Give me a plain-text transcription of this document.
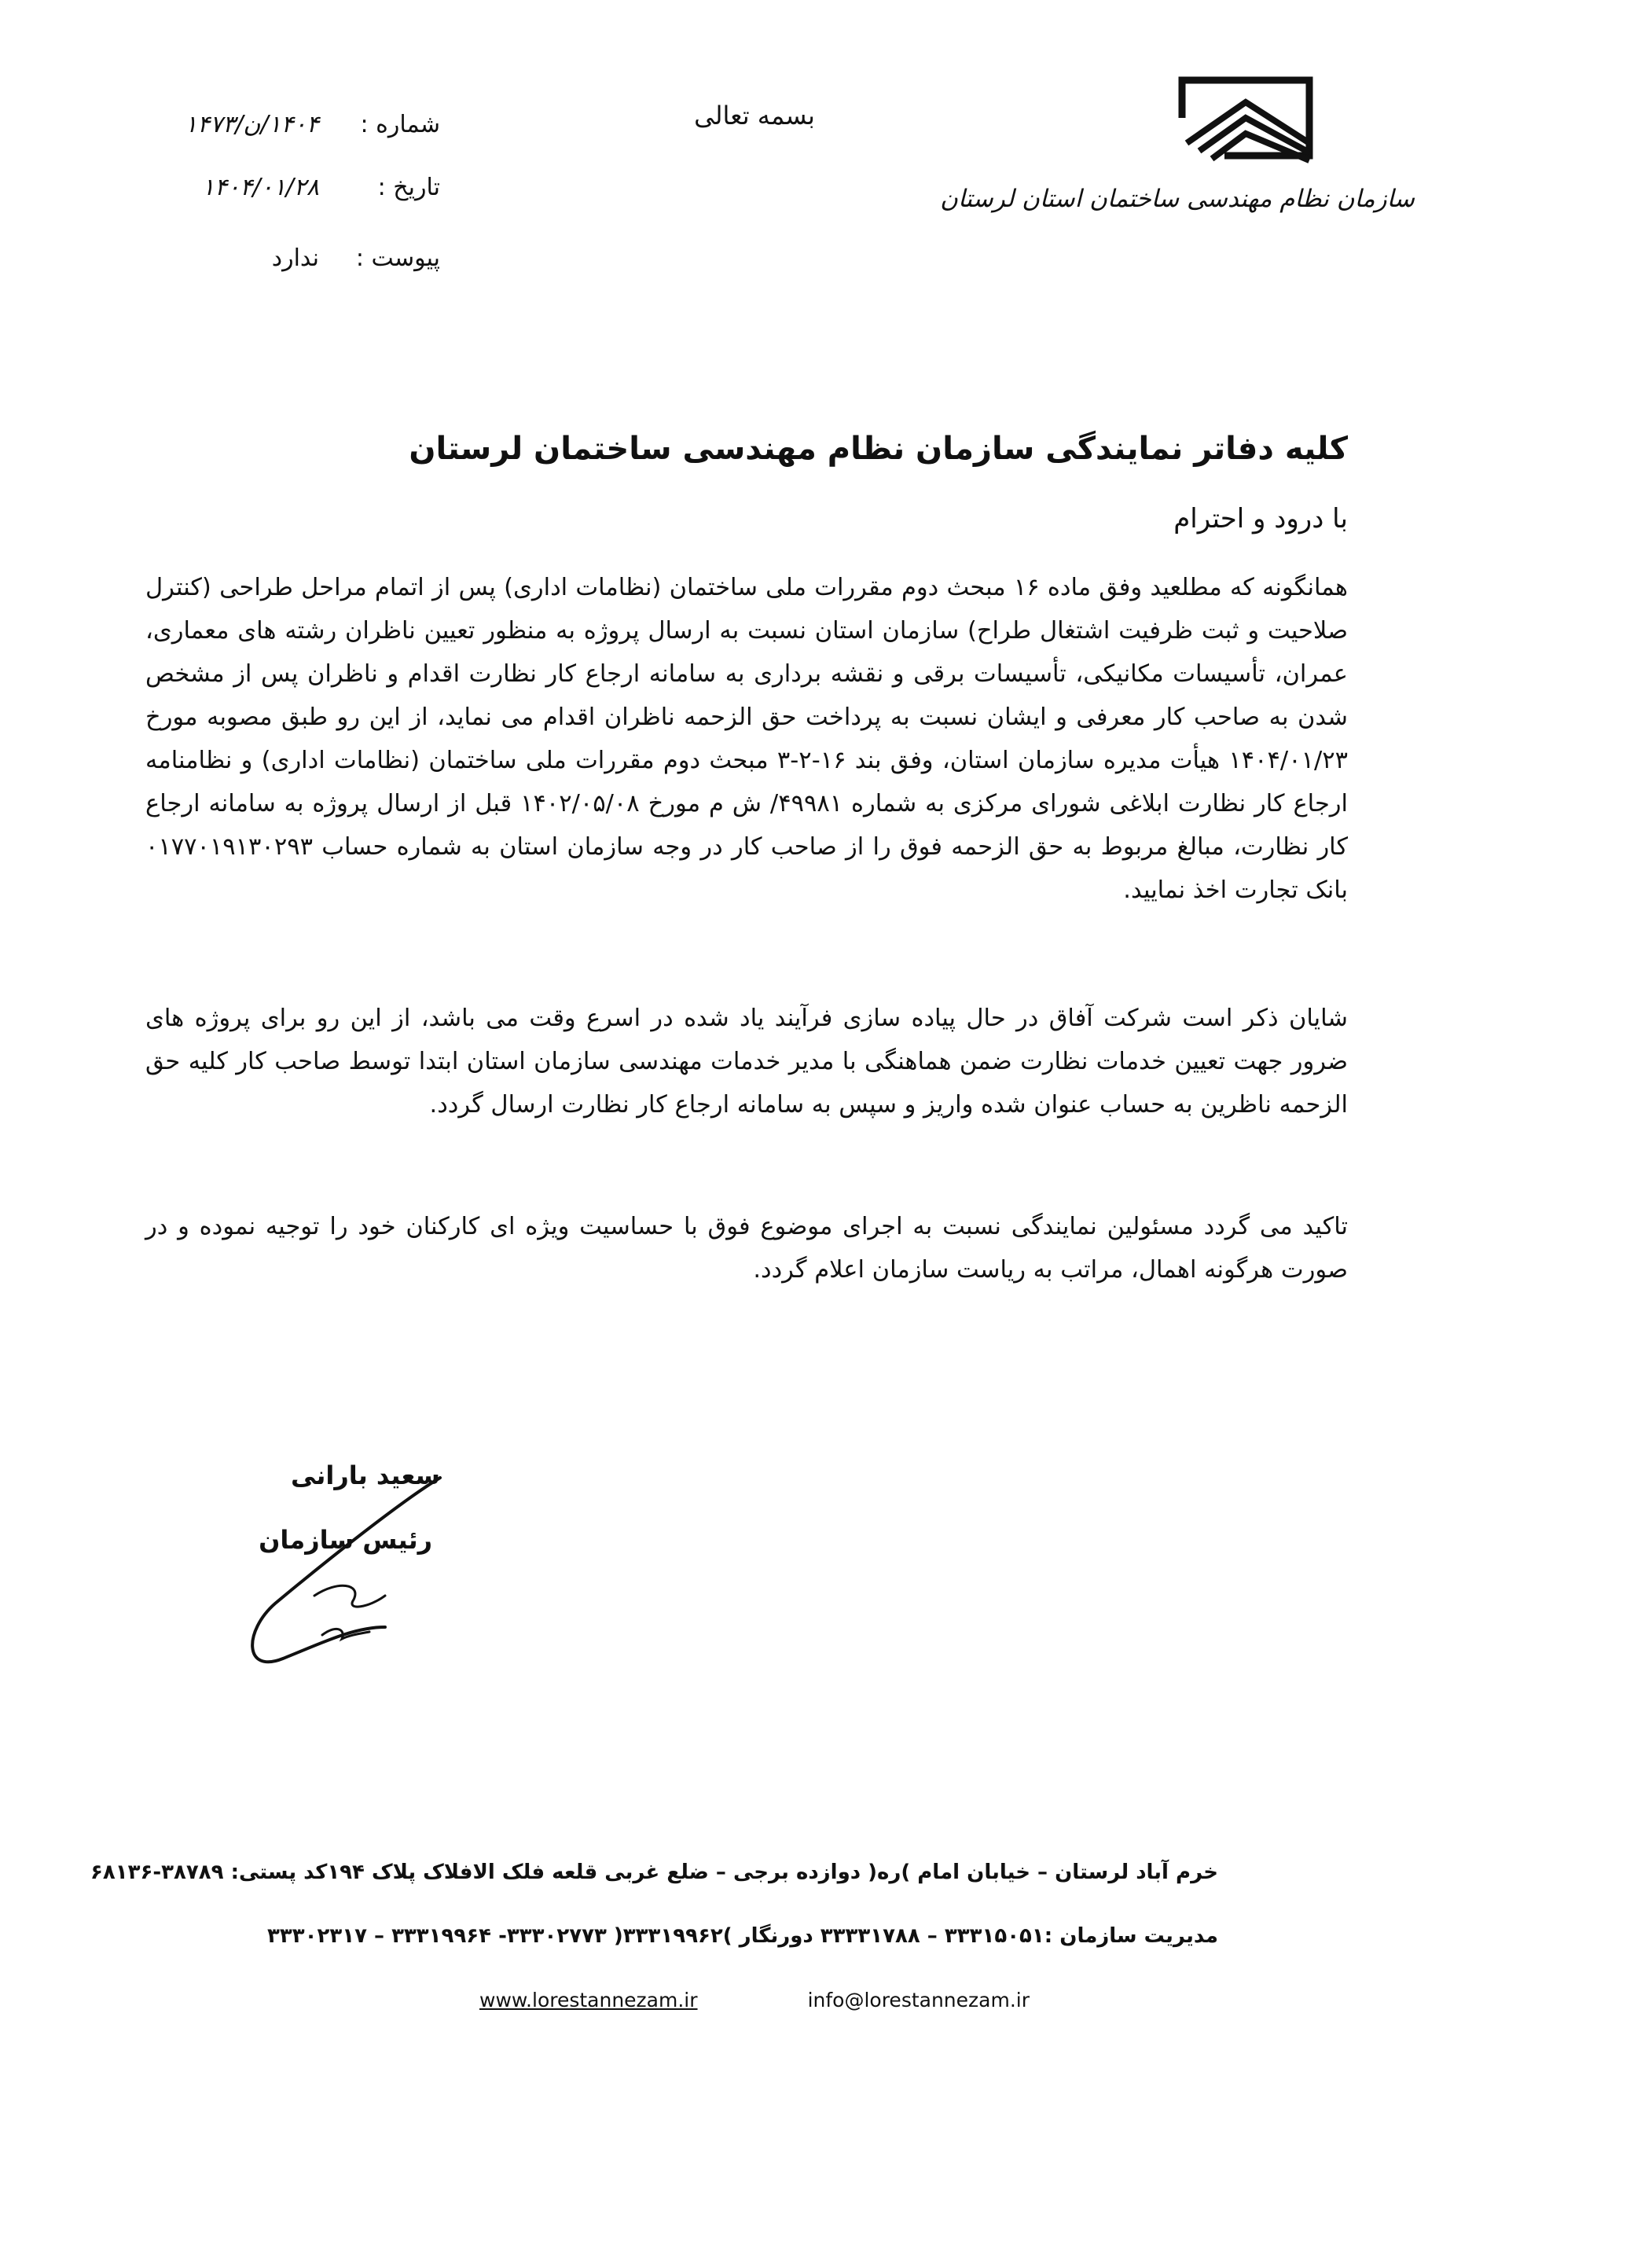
شماره :
۱۴۰۴/ن/۱۴۷۳
تاریخ :
۱۴۰۴/۰۱/۲۸
پیوست :
ندارد
بسمه تعالی
سازمان نظام مهندسی ساختمان استان لرستان
کلیه دفاتر نمایندگی سازمان نظام مهندسی ساختمان لرستان
با درود و احترام
همانگونه که مطلعید وفق ماده ۱۶ مبحث دوم مقررات ملی ساختمان (نظامات اداری) پس از اتمام مراحل طراحی (کنترل صلاحیت و ثبت ظرفیت اشتغال طراح) سازمان استان نسبت به ارسال پروژه به منظور تعیین ناظران رشته های معماری، عمران، تأسیسات مکانیکی، تأسیسات برقی و نقشه برداری به سامانه ارجاع کار نظارت اقدام و ناظران پس از مشخص شدن به صاحب کار معرفی و ایشان نسبت به پرداخت حق الزحمه ناظران اقدام می نماید، از این رو طبق مصوبه مورخ ۱۴۰۴/۰۱/۲۳ هیأت مدیره سازمان استان، وفق بند ۱۶-۲-۳ مبحث دوم مقررات ملی ساختمان (نظامات اداری) و نظامنامه ارجاع کار نظارت ابلاغی شورای مرکزی به شماره ۴۹۹۸۱/ ش م مورخ ۱۴۰۲/۰۵/۰۸ قبل از ارسال پروژه به سامانه ارجاع کار نظارت، مبالغ مربوط به حق الزحمه فوق را از صاحب کار در وجه سازمان استان به شماره حساب ۰۱۷۷۰۱۹۱۳۰۲۹۳ بانک تجارت اخذ نمایید.
شایان ذکر است شرکت آفاق در حال پیاده سازی فرآیند یاد شده در اسرع وقت می باشد، از این رو برای پروژه های ضرور جهت تعیین خدمات نظارت ضمن هماهنگی با مدیر خدمات مهندسی سازمان استان ابتدا توسط صاحب کار کلیه حق الزحمه ناظرین به حساب عنوان شده واریز و سپس به سامانه ارجاع کار نظارت ارسال گردد.
تاکید می گردد مسئولین نمایندگی نسبت به اجرای موضوع فوق با حساسیت ویژه ای کارکنان خود را توجیه نموده و در صورت هرگونه اهمال، مراتب به ریاست سازمان اعلام گردد.
سعید بارانی
رئیس سازمان
خرم آباد لرستان – خیابان امام )ره( دوازده برجی – ضلع غربی قلعه فلک الافلاک پلاک ۱۹۴کد پستی: ۳۸۷۸۹-۶۸۱۳۶
مدیریت سازمان :۳۳۳۱۵۰۵۱ – ۳۳۳۳۱۷۸۸ دورنگار )۳۳۳۱۹۹۶۲( ۳۳۳۰۲۷۷۳- ۳۳۳۱۹۹۶۴ – ۳۳۳۰۲۳۱۷
www.lorestannezam.ir	info@lorestannezam.ir
